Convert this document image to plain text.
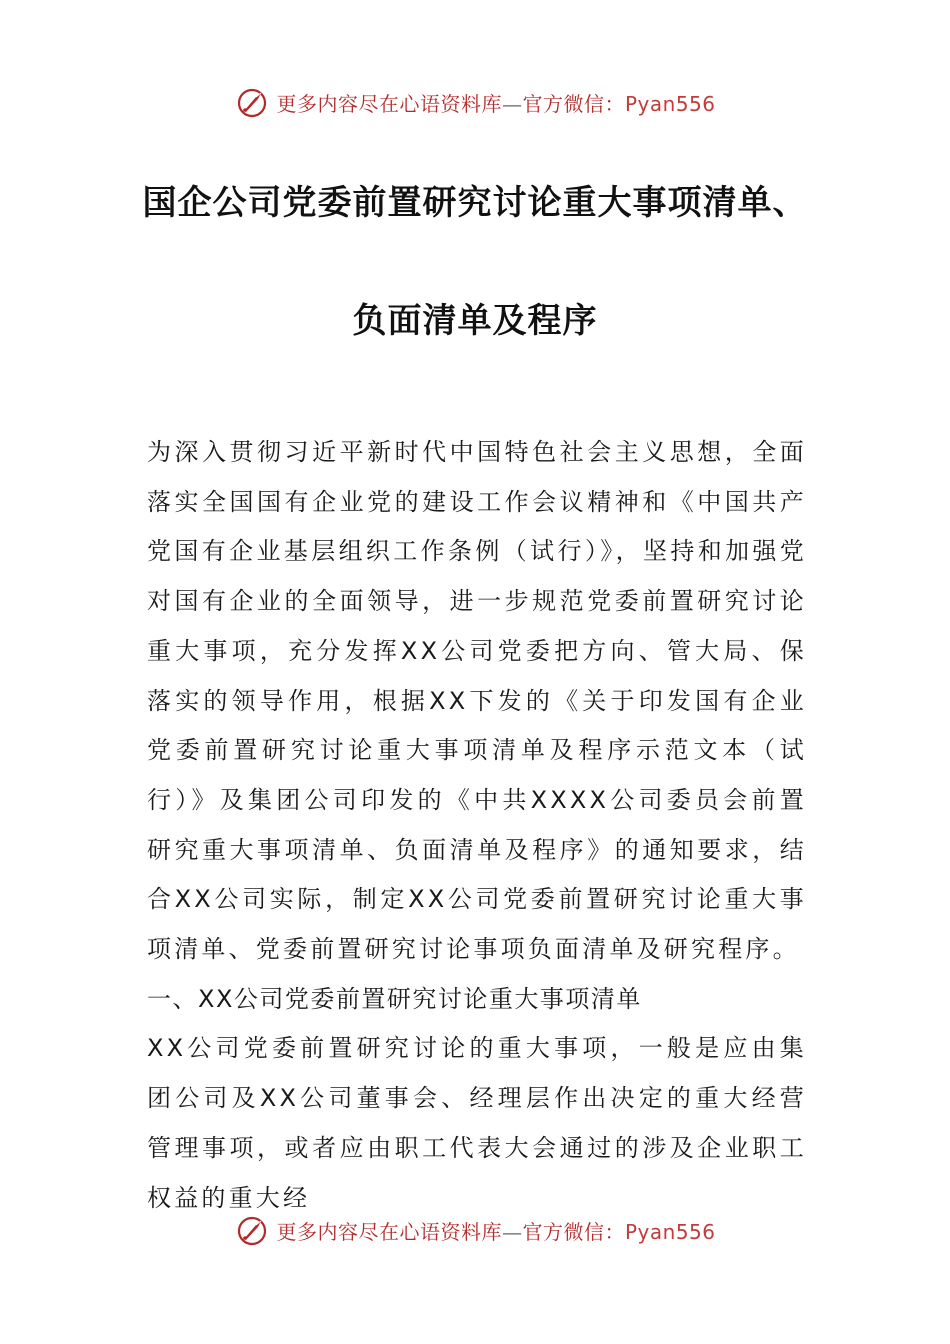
更多内容尽在心语资料库—官方微信：Pyan556
国企公司党委前置研究讨论重大事项清单、
负面清单及程序

为深入贯彻习近平新时代中国特色社会主义思想，全面落实全国国有企业党的建设工作会议精神和《中国共产党国有企业基层组织工作条例（试行）》，坚持和加强党对国有企业的全面领导，进一步规范党委前置研究讨论重大事项，充分发挥XX公司党委把方向、管大局、保落实的领导作用，根据XX下发的《关于印发国有企业党委前置研究讨论重大事项清单及程序示范文本（试行）》及集团公司印发的《中共XXXX公司委员会前置研究重大事项清单、负面清单及程序》的通知要求，结合XX公司实际，制定XX公司党委前置研究讨论重大事项清单、党委前置研究讨论事项负面清单及研究程序。

一、XX公司党委前置研究讨论重大事项清单

XX公司党委前置研究讨论的重大事项，一般是应由集团公司及XX公司董事会、经理层作出决定的重大经营管理事项，或者应由职工代表大会通过的涉及企业职工权益的重大经

更多内容尽在心语资料库—官方微信：Pyan556
